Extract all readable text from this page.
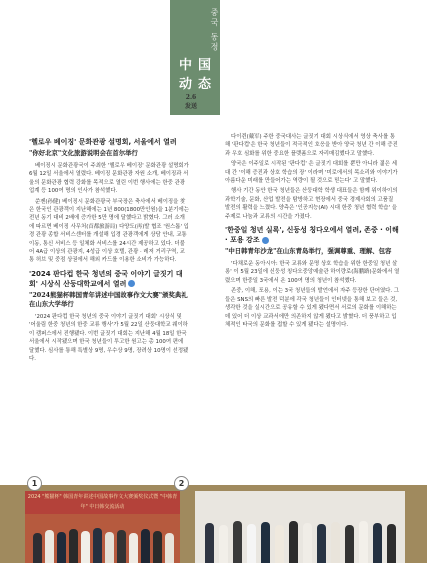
중국 동정
中 国
动 态
2.6
发送
'헬로우 베이징' 문화관광 설명회, 서울에서 열려
"你好北京"文化旅游说明会在首尔举行

베이징시 문화관광국이 주최한 '헬로우 베이징' 문화관광 설명회가 6월 12일 서울에서 열렸다. 베이징 문화관광 자원 소개, 베이징과 서울의 문화관광 협력 강화를 목적으로 열린 이번 행사에는 한중 관광업계 등 100여 명의 인사가 참석했다.

쑨젠(孙健) 베이징시 문화관광국 부국장은 축사에서 베이징을 찾은 한국인 관광객이 지난해에는 1년 800(1800만인원)을 1분기에는 전년 동기 대비 2배에 증가한 5만 명에 달했다고 밝혔다. 그러 소개에 따르면 베이징 사무처(首都旅游局) 다양도(再)발 협조 '원스톱' 입경 관광 종합 서비스센터를 개설해 입경 관광객에게 상담 안내, 교통 이동, 통신 서비스 등 일체화 서비스를 24시간 제공하고 있다. 더불어 4A급 이상의 관광지, 4성급 이상 호텔, 관광 · 레저 거리구역, 교통 허브 및 중점 상권에서 해외 카드를 이용한 소비가 가능하다.

'2024 판다컵 한국 청년의 중국 이야기 글짓기 대회' 시상식 산둥대학교에서 열려
"2024熊猫杯韩国青年讲述中国故事作文大赛"颁奖典礼在山东大学举行

'2024 판다컵 한국 청년의 중국 이야기 글짓기 대회' 시상식 및 '어울림 한중 청년의 한중 교류 행사'가 5월 22일 산둥대학교 웨이하이 캠퍼스에서 진행됐다. 이번 글짓기 대회는 지난해 4월 18일 한국 서울에서 시작됐으며 한국 청년들이 투고한 원고는 총 100여 편에 달했다. 심사를 통해 특별상 9명, 우수상 9명, 장려상 10명이 선정됐다.

다이쥔(戴军) 주한 중국대사는 글짓기 대회 시상식에서 영상 축사를 통해 '판다컵'은 한국 청년들이 적극적인 호응을 받아 양국 청년 간 이해 증진과 우호 심화를 위한 중요한 플랫폼으로 자리매김했다고 말했다.

양국은 이주일로 시작된 '판다컵' 은 글짓기 대회를 뿐만 아니라 젊은 세대 간 '이해 증진과 상호 학습의 장' 이라며 '미로에서의 목소리와 이야기가 아름다운 미래를 만들어가는 역량이 될 것으로 믿는다' 고 말했다.

행사 기간 동안 한국 청년들은 산둥대학 학생 대표들은 함께 위이하이의 과학기술, 문화, 산업 발전을 탐방하고 현장에서 중국 경제사회의 고품질 발전의 활력을 느꼈다. 양측은 '인공지능(AI) 시대 한중 청년 협력 학습' 을 주제로 나눔과 교류의 시간을 가졌다.

'한중일 청년 실록', 신둥성 칭다오에서 열려, 존중 · 이해 · 포용 강조
"中日韩青年沙龙"在山东青岛举行，强调尊重、理解、包容

'다채로운 동아시아: 한국 교류와 문명 상호 학습을 위한 한중일 청년 살롱' 이 5월 23일에 신둥성 칭다오중앙예술관 하이량로(海鹏路)문화에서 열렸으며 한중일 3국에서 온 100여 명의 청년이 참석했다.

존중, 이해, 포용, 이는 3국 청년들의 발언에서 자주 등장한 단어였다. 그들은 SNS의 빠른 발전 덕분에 각국 청년들이 인터넷을 통해 보고 들은 것, 생각한 것을 실시간으로 공유할 수 있게 됐다면서 서로의 문화를 이해하는 데 있어 더 이상 교과서에만 의존하지 않게 됐다고 밝혔다. 더 풍부하고 입체적인 타국의 문화를 접할 수 있게 됐다는 설명이다.

2024 "熊猫杯" 韩国青年讲述中国故事作文大赛颁奖仪式暨 "中韩青年" 中日韩交流活动
1	2
